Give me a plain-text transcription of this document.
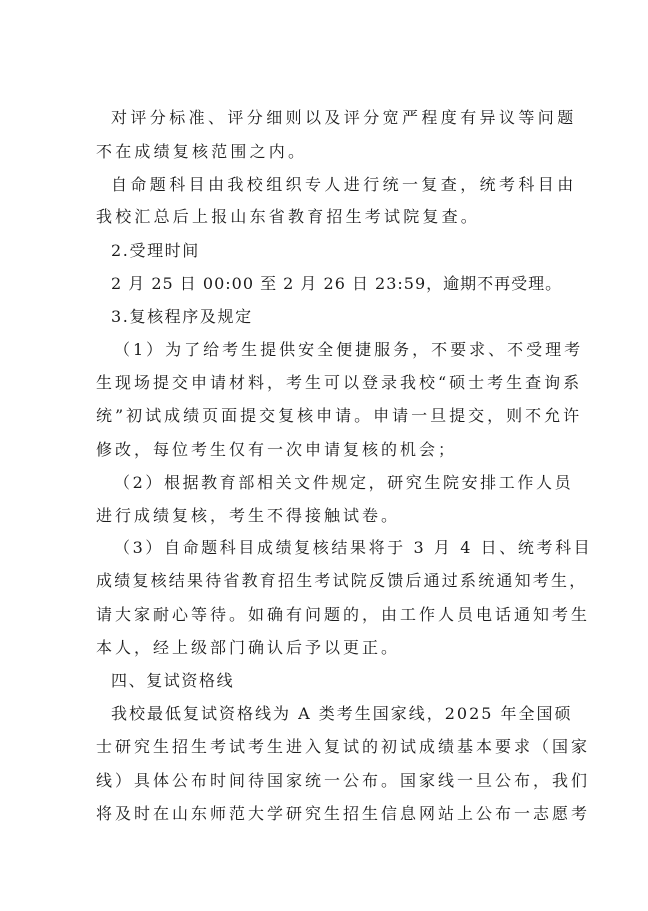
对评分标准、评分细则以及评分宽严程度有异议等问题
不在成绩复核范围之内。
自命题科目由我校组织专人进行统一复查，统考科目由
我校汇总后上报山东省教育招生考试院复查。
2.受理时间
2 月 25 日 00:00 至 2 月 26 日 23:59，逾期不再受理。
3.复核程序及规定
（1）为了给考生提供安全便捷服务，不要求、不受理考
生现场提交申请材料，考生可以登录我校“硕士考生查询系
统”初试成绩页面提交复核申请。申请一旦提交，则不允许
修改，每位考生仅有一次申请复核的机会；
（2）根据教育部相关文件规定，研究生院安排工作人员
进行成绩复核，考生不得接触试卷。
（3）自命题科目成绩复核结果将于 3 月 4 日、统考科目
成绩复核结果待省教育招生考试院反馈后通过系统通知考生，
请大家耐心等待。如确有问题的，由工作人员电话通知考生
本人，经上级部门确认后予以更正。
四、复试资格线
我校最低复试资格线为 A 类考生国家线，2025 年全国硕
士研究生招生考试考生进入复试的初试成绩基本要求（国家
线）具体公布时间待国家统一公布。国家线一旦公布，我们
将及时在山东师范大学研究生招生信息网站上公布一志愿考
